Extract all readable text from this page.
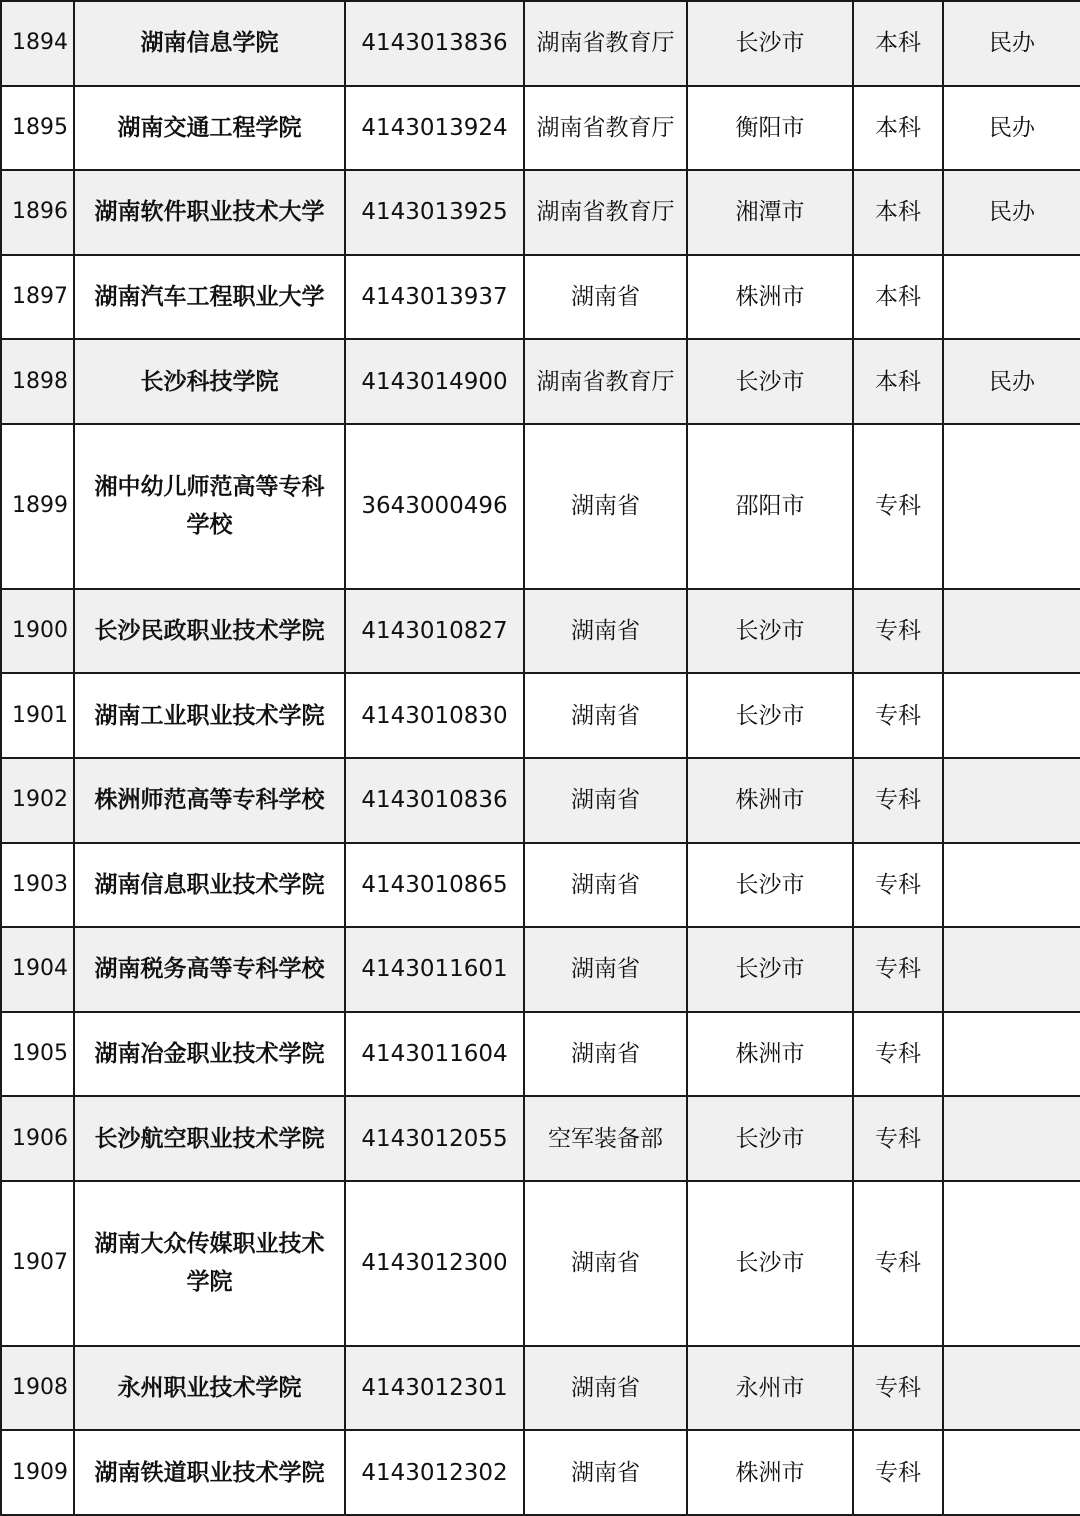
1894	湖南信息学院	4143013836	湖南省教育厅	长沙市	本科	民办
1895	湖南交通工程学院	4143013924	湖南省教育厅	衡阳市	本科	民办
1896	湖南软件职业技术大学	4143013925	湖南省教育厅	湘潭市	本科	民办
1897	湖南汽车工程职业大学	4143013937	湖南省	株洲市	本科	
1898	长沙科技学院	4143014900	湖南省教育厅	长沙市	本科	民办
1899	湘中幼儿师范高等专科学校	3643000496	湖南省	邵阳市	专科	
1900	长沙民政职业技术学院	4143010827	湖南省	长沙市	专科	
1901	湖南工业职业技术学院	4143010830	湖南省	长沙市	专科	
1902	株洲师范高等专科学校	4143010836	湖南省	株洲市	专科	
1903	湖南信息职业技术学院	4143010865	湖南省	长沙市	专科	
1904	湖南税务高等专科学校	4143011601	湖南省	长沙市	专科	
1905	湖南冶金职业技术学院	4143011604	湖南省	株洲市	专科	
1906	长沙航空职业技术学院	4143012055	空军装备部	长沙市	专科	
1907	湖南大众传媒职业技术学院	4143012300	湖南省	长沙市	专科	
1908	永州职业技术学院	4143012301	湖南省	永州市	专科	
1909	湖南铁道职业技术学院	4143012302	湖南省	株洲市	专科	
